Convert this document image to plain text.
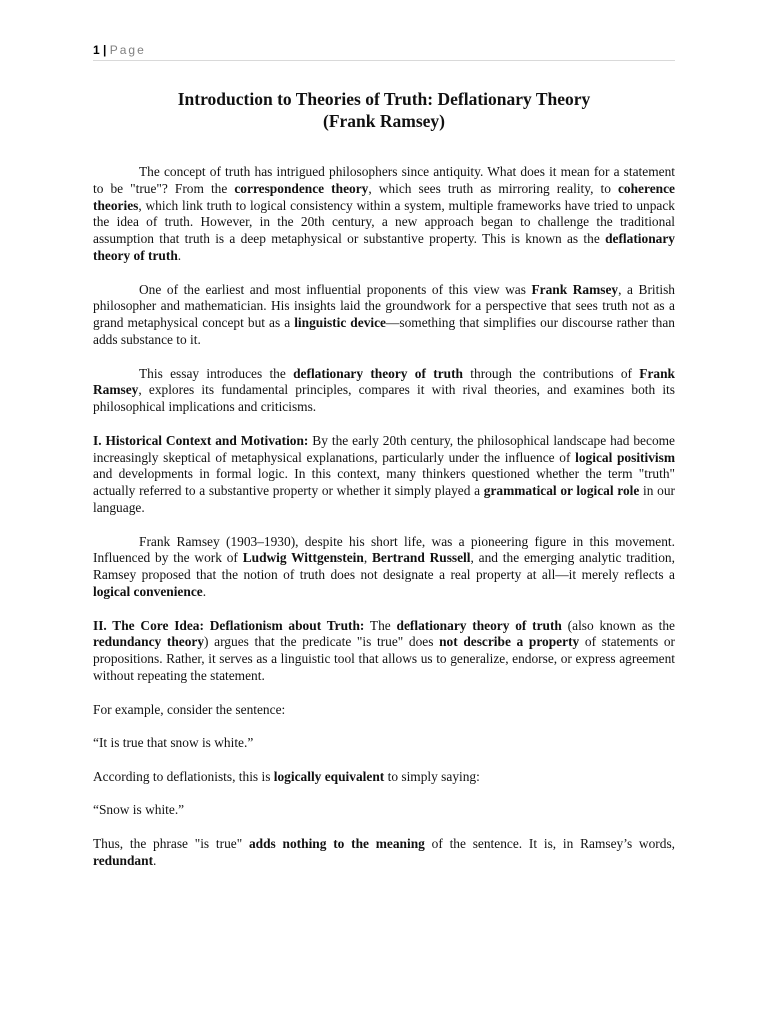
1 | Page
Introduction to Theories of Truth: Deflationary Theory
(Frank Ramsey)

The concept of truth has intrigued philosophers since antiquity. What does it mean for a statement to be "true"? From the correspondence theory, which sees truth as mirroring reality, to coherence theories, which link truth to logical consistency within a system, multiple frameworks have tried to unpack the idea of truth. However, in the 20th century, a new approach began to challenge the traditional assumption that truth is a deep metaphysical or substantive property. This is known as the deflationary theory of truth.

One of the earliest and most influential proponents of this view was Frank Ramsey, a British philosopher and mathematician. His insights laid the groundwork for a perspective that sees truth not as a grand metaphysical concept but as a linguistic device—something that simplifies our discourse rather than adds substance to it.

This essay introduces the deflationary theory of truth through the contributions of Frank Ramsey, explores its fundamental principles, compares it with rival theories, and examines both its philosophical implications and criticisms.

I. Historical Context and Motivation: By the early 20th century, the philosophical landscape had become increasingly skeptical of metaphysical explanations, particularly under the influence of logical positivism and developments in formal logic. In this context, many thinkers questioned whether the term "truth" actually referred to a substantive property or whether it simply played a grammatical or logical role in our language.

Frank Ramsey (1903–1930), despite his short life, was a pioneering figure in this movement. Influenced by the work of Ludwig Wittgenstein, Bertrand Russell, and the emerging analytic tradition, Ramsey proposed that the notion of truth does not designate a real property at all—it merely reflects a logical convenience.

II. The Core Idea: Deflationism about Truth: The deflationary theory of truth (also known as the redundancy theory) argues that the predicate "is true" does not describe a property of statements or propositions. Rather, it serves as a linguistic tool that allows us to generalize, endorse, or express agreement without repeating the statement.

For example, consider the sentence:

“It is true that snow is white.”

According to deflationists, this is logically equivalent to simply saying:

“Snow is white.”

Thus, the phrase "is true" adds nothing to the meaning of the sentence. It is, in Ramsey’s words, redundant.
